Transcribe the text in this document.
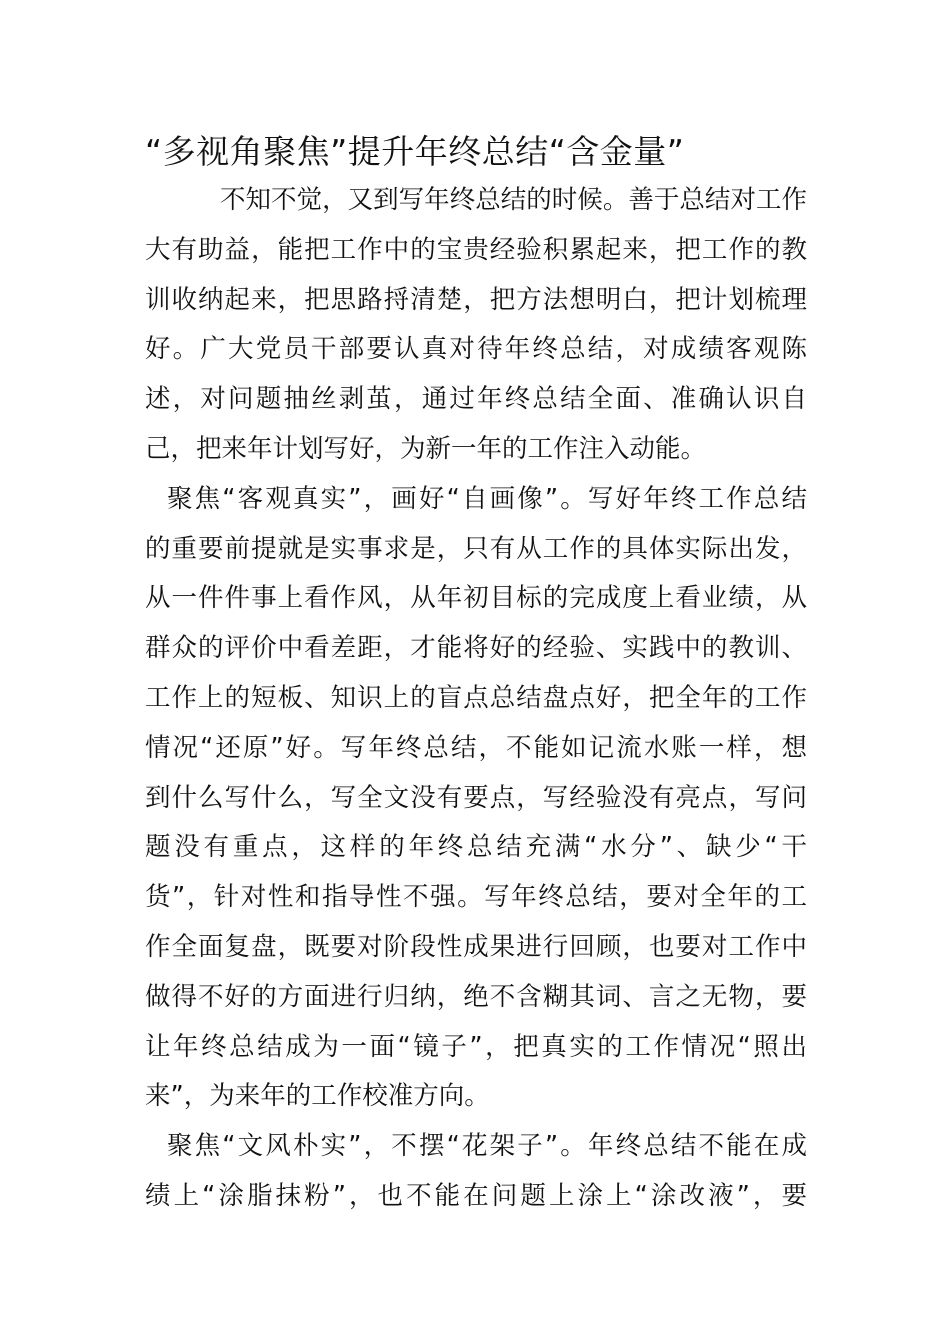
“多视角聚焦”提升年终总结“含金量”
不知不觉，又到写年终总结的时候。善于总结对工作
大有助益，能把工作中的宝贵经验积累起来，把工作的教
训收纳起来，把思路捋清楚，把方法想明白，把计划梳理
好。广大党员干部要认真对待年终总结，对成绩客观陈
述，对问题抽丝剥茧，通过年终总结全面、准确认识自
己，把来年计划写好，为新一年的工作注入动能。
聚焦“客观真实”，画好“自画像”。写好年终工作总结
的重要前提就是实事求是，只有从工作的具体实际出发，
从一件件事上看作风，从年初目标的完成度上看业绩，从
群众的评价中看差距，才能将好的经验、实践中的教训、
工作上的短板、知识上的盲点总结盘点好，把全年的工作
情况“还原”好。写年终总结，不能如记流水账一样，想
到什么写什么，写全文没有要点，写经验没有亮点，写问
题没有重点，这样的年终总结充满“水分”、缺少“干
货”，针对性和指导性不强。写年终总结，要对全年的工
作全面复盘，既要对阶段性成果进行回顾，也要对工作中
做得不好的方面进行归纳，绝不含糊其词、言之无物，要
让年终总结成为一面“镜子”，把真实的工作情况“照出
来”，为来年的工作校准方向。
聚焦“文风朴实”，不摆“花架子”。年终总结不能在成
绩上“涂脂抹粉”，也不能在问题上涂上“涂改液”，要
